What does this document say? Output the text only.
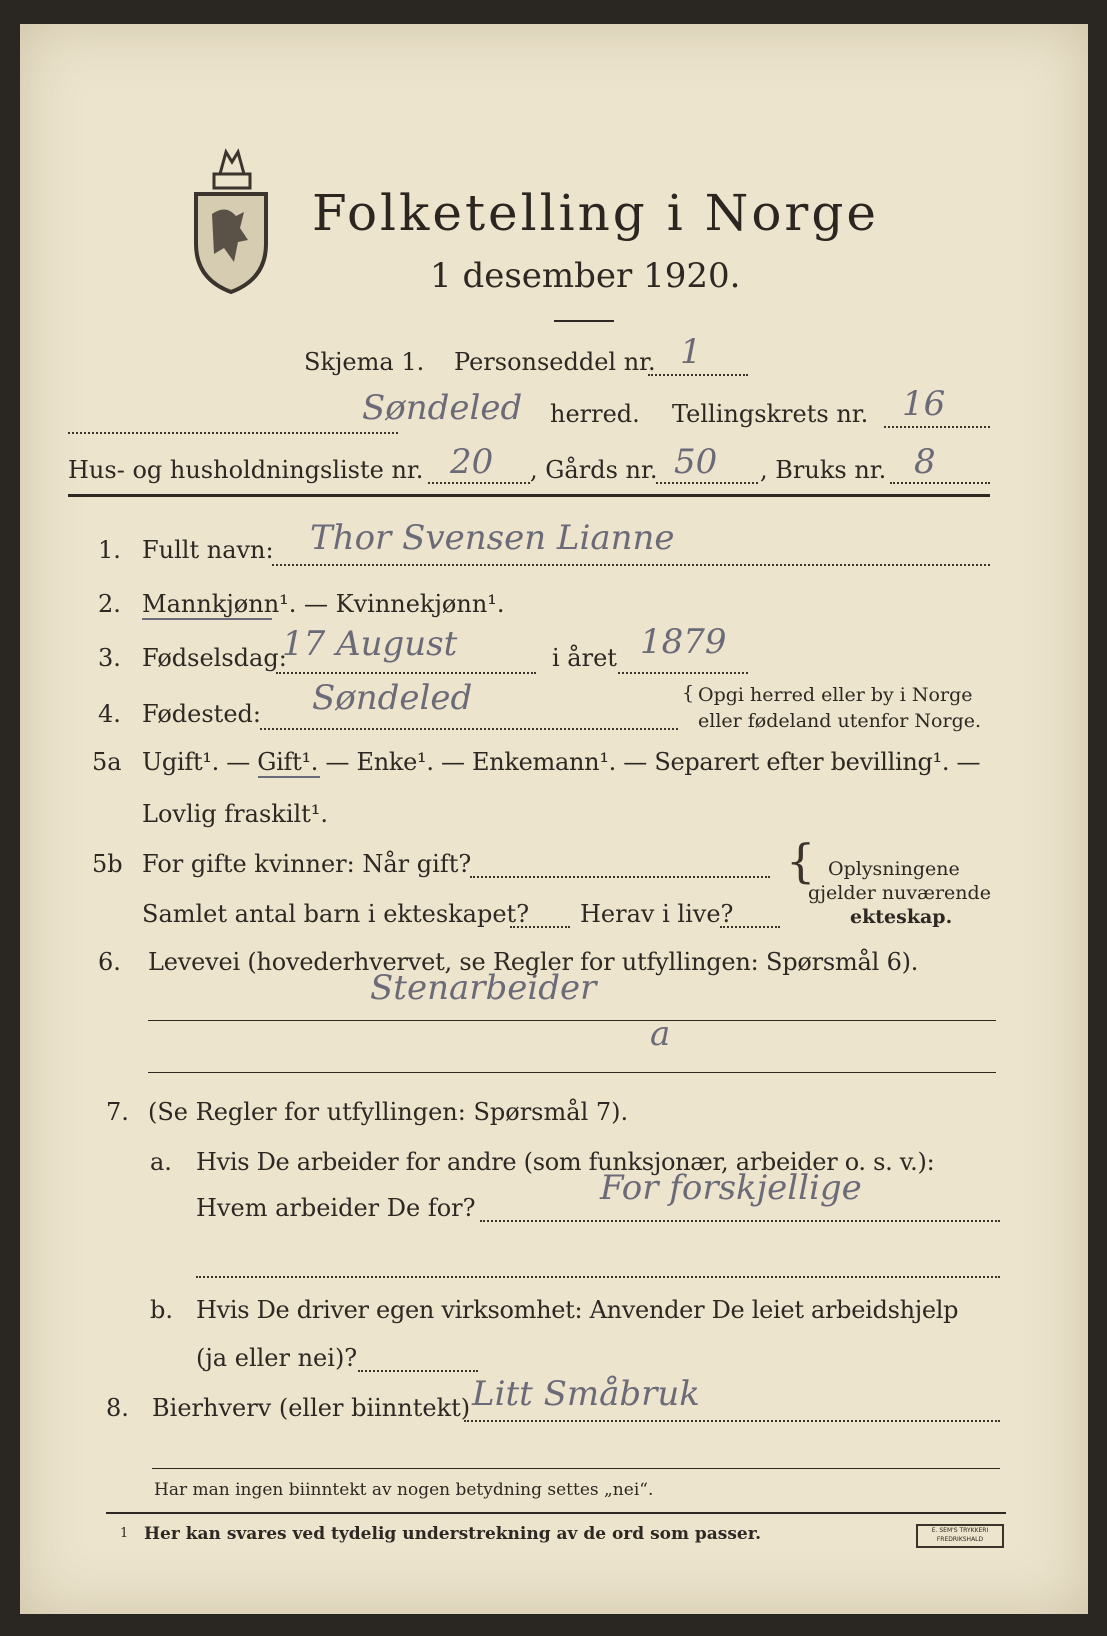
Folketelling i Norge
1 desember 1920.
Skjema 1. Personseddel nr. 1
Søndeled herred. Tellingskrets nr. 16
Hus- og husholdningsliste nr. 20 , Gårds nr. 50 , Bruks nr. 8
1. Fullt navn: Thor Svensen Lianne
2. Mannkjønn¹. — Kvinnekjønn¹.
3. Fødselsdag:
17 August	i året 1879
4. Fødested: Søndeled	{ Opgi herred eller by i Norge
eller fødeland utenfor Norge.
5a Ugift¹. — Gift¹. — Enke¹. — Enkemann¹. — Separert efter bevilling¹. —
Lovlig fraskilt¹.
5b For gifte kvinner: Når gift?
Samlet antal barn i ekteskapet? Herav i live?
{ Oplysningene
gjelder nuværende
ekteskap.
6. Levevei (hovederhvervet, se Regler for utfyllingen: Spørsmål 6).
Stenarbeider
a
7. (Se Regler for utfyllingen: Spørsmål 7).
a. Hvis De arbeider for andre (som funksjonær, arbeider o. s. v.):
Hvem arbeider De for?	For forskjellige
b. Hvis De driver egen virksomhet: Anvender De leiet arbeidshjelp
(ja eller nei)?
8. Bierhverv (eller biinntekt) Litt Småbruk
Har man ingen biinntekt av nogen betydning settes „nei“.
1 Her kan svares ved tydelig understrekning av de ord som passer.	E. SEM'S TRYKKERI FREDRIKSHALD
